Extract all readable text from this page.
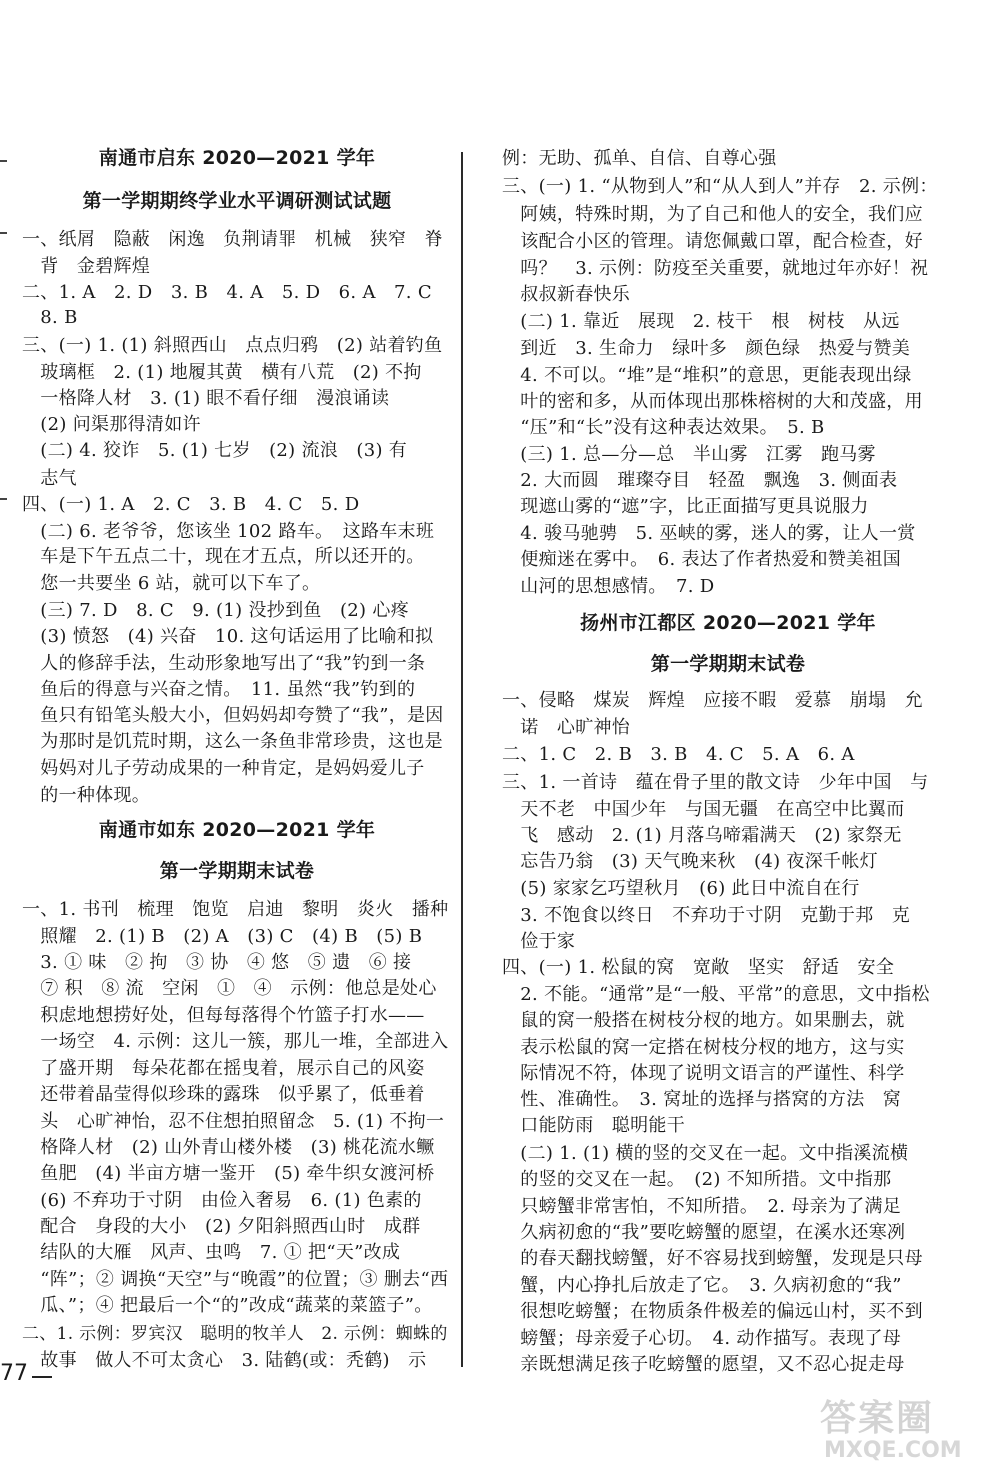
南通市启东 2020—2021 学年
第一学期期终学业水平调研测试试题
一、纸屑　隐蔽　闲逸　负荆请罪　机械　狭窄　脊
　背　金碧辉煌
二、1. A　2. D　3. B　4. A　5. D　6. A　7. C
　8. B
三、(一) 1. (1) 斜照西山　点点归鸦　(2) 站着钓鱼
　玻璃框　2. (1) 地履其黄　横有八荒　(2) 不拘
　一格降人材　3. (1) 眼不看仔细　漫浪诵读
　(2) 问渠那得清如许
　(二) 4. 狡诈　5. (1) 七岁　(2) 流浪　(3) 有
　志气
四、(一) 1. A　2. C　3. B　4. C　5. D
　(二) 6. 老爷爷，您该坐 102 路车。　这路车末班
　车是下午五点二十，现在才五点，所以还开的。
　您一共要坐 6 站，就可以下车了。
　(三) 7. D　8. C　9. (1) 没抄到鱼　(2) 心疼
　(3) 愤怒　(4) 兴奋　10. 这句话运用了比喻和拟
　人的修辞手法，生动形象地写出了“我”钓到一条
　鱼后的得意与兴奋之情。　11. 虽然“我”钓到的
　鱼只有铅笔头般大小，但妈妈却夸赞了“我”，是因
　为那时是饥荒时期，这么一条鱼非常珍贵，这也是
　妈妈对儿子劳动成果的一种肯定，是妈妈爱儿子
　的一种体现。
南通市如东 2020—2021 学年
第一学期期末试卷
一、1. 书刊　梳理　饱览　启迪　黎明　炎火　播种
　照耀　2. (1) B　(2) A　(3) C　(4) B　(5) B
　3. ① 味　② 拘　③ 协　④ 悠　⑤ 遗　⑥ 接
　⑦ 积　⑧ 流　空闲　①　④　示例：他总是处心
　积虑地想捞好处，但每每落得个竹篮子打水——
　一场空　4. 示例：这儿一簇，那儿一堆，全部进入
　了盛开期　每朵花都在摇曳着，展示自己的风姿
　还带着晶莹得似珍珠的露珠　似乎累了，低垂着
　头　心旷神怡，忍不住想拍照留念　5. (1) 不拘一
　格降人材　(2) 山外青山楼外楼　(3) 桃花流水鳜
　鱼肥　(4) 半亩方塘一鉴开　(5) 牵牛织女渡河桥
　(6) 不弃功于寸阴　由俭入奢易　6. (1) 色素的
　配合　身段的大小　(2) 夕阳斜照西山时　成群
　结队的大雁　风声、虫鸣　7. ① 把“天”改成
　“阵”；② 调换“天空”与“晚霞”的位置；③ 删去“西
　瓜、”；④ 把最后一个“的”改成“蔬菜的菜篮子”。
二、1. 示例：罗宾汉　聪明的牧羊人　2. 示例：蜘蛛的
　故事　做人不可太贪心　3. 陆鹤(或：秃鹤)　示
例：无助、孤单、自信、自尊心强
三、(一) 1. “从物到人”和“从人到人”并存　2. 示例：
　阿姨，特殊时期，为了自己和他人的安全，我们应
　该配合小区的管理。请您佩戴口罩，配合检查，好
　吗？　3. 示例：防疫至关重要，就地过年亦好！祝
　叔叔新春快乐
　(二) 1. 靠近　展现　2. 枝干　根　树枝　从远
　到近　3. 生命力　绿叶多　颜色绿　热爱与赞美
　4. 不可以。“堆”是“堆积”的意思，更能表现出绿
　叶的密和多，从而体现出那株榕树的大和茂盛，用
　“压”和“长”没有这种表达效果。　5. B
　(三) 1. 总—分—总　半山雾　江雾　跑马雾
　2. 大而圆　璀璨夺目　轻盈　飘逸　3. 侧面表
　现遮山雾的“遮”字，比正面描写更具说服力
　4. 骏马驰骋　5. 巫峡的雾，迷人的雾，让人一赏
　便痴迷在雾中。　6. 表达了作者热爱和赞美祖国
　山河的思想感情。　7. D
扬州市江都区 2020—2021 学年
第一学期期末试卷
一、侵略　煤炭　辉煌　应接不暇　爱慕　崩塌　允
　诺　心旷神怡
二、1. C　2. B　3. B　4. C　5. A　6. A
三、1. 一首诗　蕴在骨子里的散文诗　少年中国　与
　天不老　中国少年　与国无疆　在高空中比翼而
　飞　感动　2. (1) 月落乌啼霜满天　(2) 家祭无
　忘告乃翁　(3) 天气晚来秋　(4) 夜深千帐灯
　(5) 家家乞巧望秋月　(6) 此日中流自在行
　3. 不饱食以终日　不弃功于寸阴　克勤于邦　克
　俭于家
四、(一) 1. 松鼠的窝　宽敞　坚实　舒适　安全
　2. 不能。“通常”是“一般、平常”的意思，文中指松
　鼠的窝一般搭在树枝分杈的地方。如果删去，就
　表示松鼠的窝一定搭在树枝分杈的地方，这与实
　际情况不符，体现了说明文语言的严谨性、科学
　性、准确性。　3. 窝址的选择与搭窝的方法　窝
　口能防雨　聪明能干
　(二) 1. (1) 横的竖的交叉在一起。文中指溪流横
　的竖的交叉在一起。　(2) 不知所措。文中指那
　只螃蟹非常害怕，不知所措。　2. 母亲为了满足
　久病初愈的“我”要吃螃蟹的愿望，在溪水还寒冽
　的春天翻找螃蟹，好不容易找到螃蟹，发现是只母
　蟹，内心挣扎后放走了它。　3. 久病初愈的“我”
　很想吃螃蟹；在物质条件极差的偏远山村，买不到
　螃蟹；母亲爱子心切。　4. 动作描写。表现了母
　亲既想满足孩子吃螃蟹的愿望，又不忍心捉走母
77
答案圈
MXQE.COM
